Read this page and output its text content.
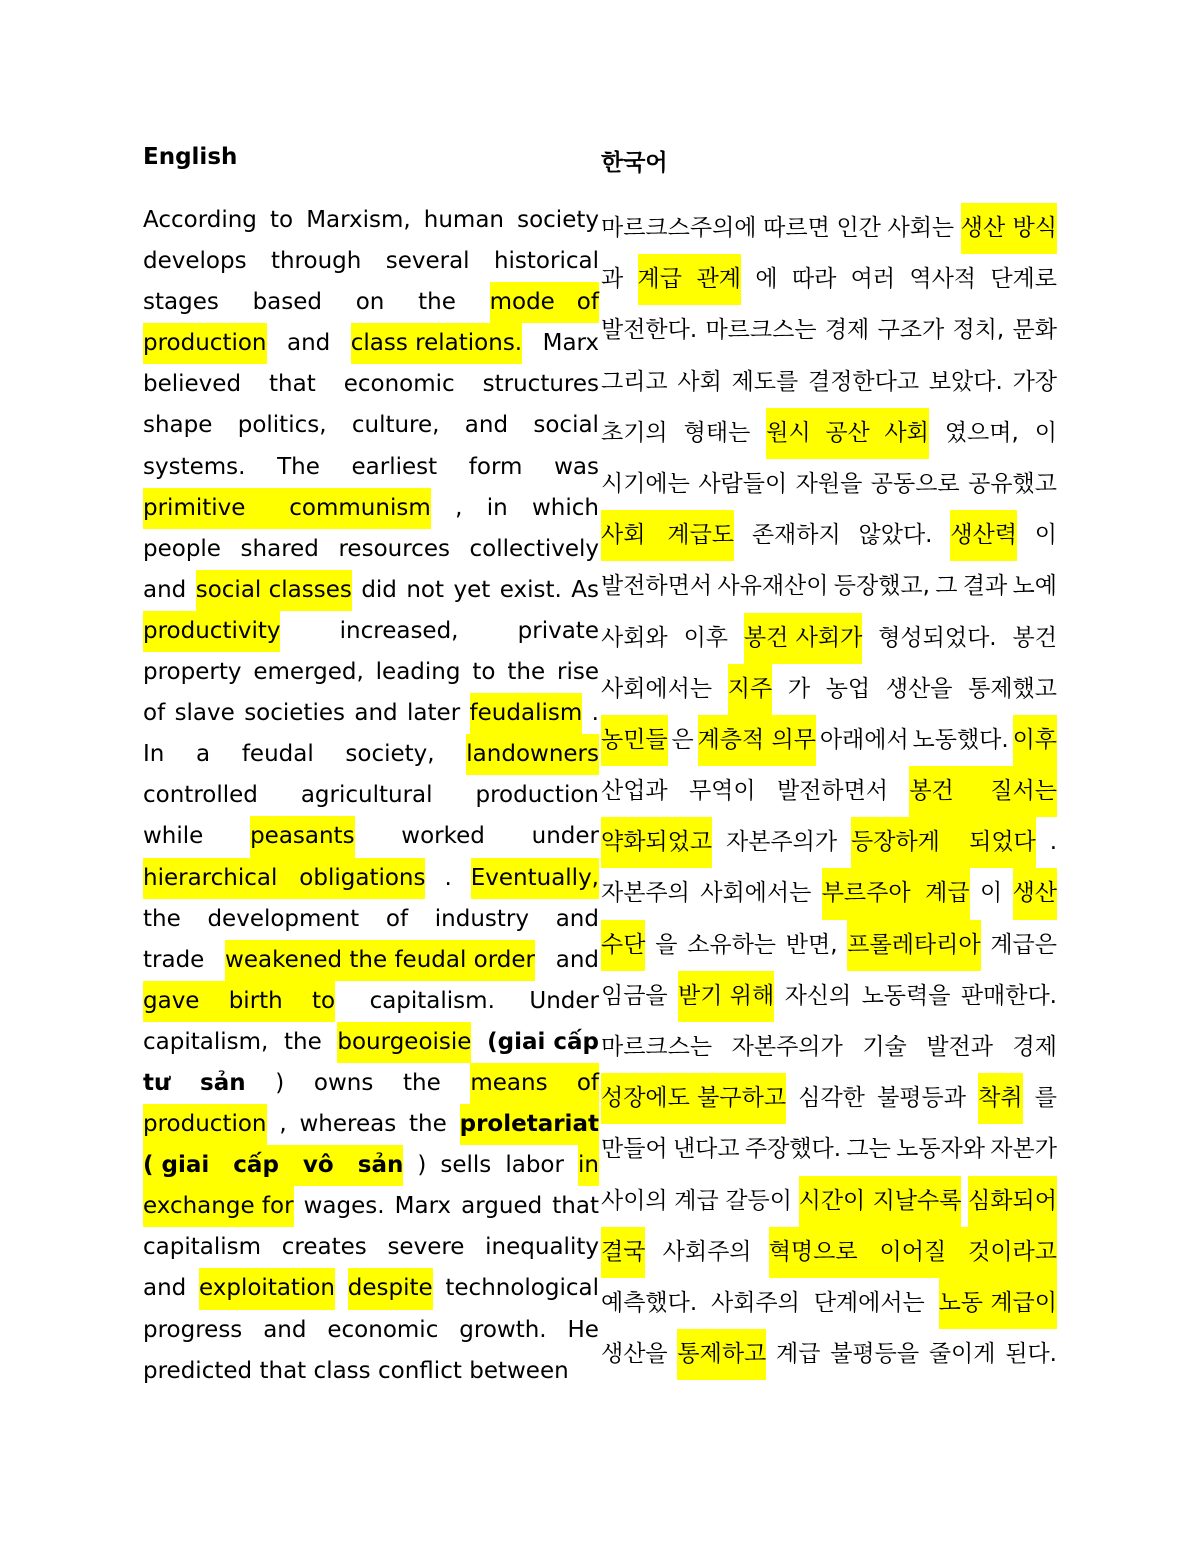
English	한국어
According to Marxism, human society
develops through several historical
stages based on the mode   of
production and class relations. Marx
believed that economic structures
shape politics, culture, and social
systems. The earliest form was
primitive      communism , in which
people shared resources collectively
and social classes did not yet exist. As
productivity	increased,	private
property emerged, leading to the rise
of slave societies and later feudalism .
In a feudal society, landowners
controlled agricultural production
while peasants worked under
hierarchical   obligations . Eventually,
the development of industry and
trade weakened the feudal order and
gave    birth    to capitalism. Under
capitalism, the bourgeoisie (giai cấp
tư sản ) owns the means    of
production , whereas the proletariat
( giai   cấp   vô   sản ) sells labor in
exchange for wages. Marx argued that
capitalism creates severe inequality
and exploitation despite technological
progress and economic growth. He
predicted that class conflict between
마르크스주의에 따르면 인간 사회는 생산 방식
과 계급  관계 에 따라 여러 역사적 단계로
발전한다. 마르크스는 경제 구조가 정치, 문화
그리고 사회 제도를 결정한다고 보았다. 가장
초기의 형태는 원시  공산  사회 였으며, 이
시기에는 사람들이 자원을 공동으로 공유했고
사회   계급도 존재하지 않았다. 생산력 이
발전하면서 사유재산이 등장했고, 그 결과 노예
사회와 이후 봉건 사회가 형성되었다. 봉건
사회에서는 지주 가 농업 생산을 통제했고
농민들 은 계층적 의무 아래에서 노동했다. 이후
산업과 무역이 발전하면서 봉건     질서는
약화되었고 자본주의가 등장하게    되었다 .
자본주의 사회에서는 부르주아  계급 이 생산
수단 을 소유하는 반면, 프롤레타리아 계급은
임금을 받기 위해 자신의 노동력을 판매한다.
마르크스는 자본주의가 기술 발전과 경제
성장에도 불구하고 심각한 불평등과 착취 를
만들어 낸다고 주장했다. 그는 노동자와 자본가
사이의 계급 갈등이 시간이 지날수록 심화되어
결국 사회주의 혁명으로   이어질   것이라고
예측했다. 사회주의 단계에서는 노동 계급이
생산을 통제하고 계급 불평등을 줄이게 된다.
